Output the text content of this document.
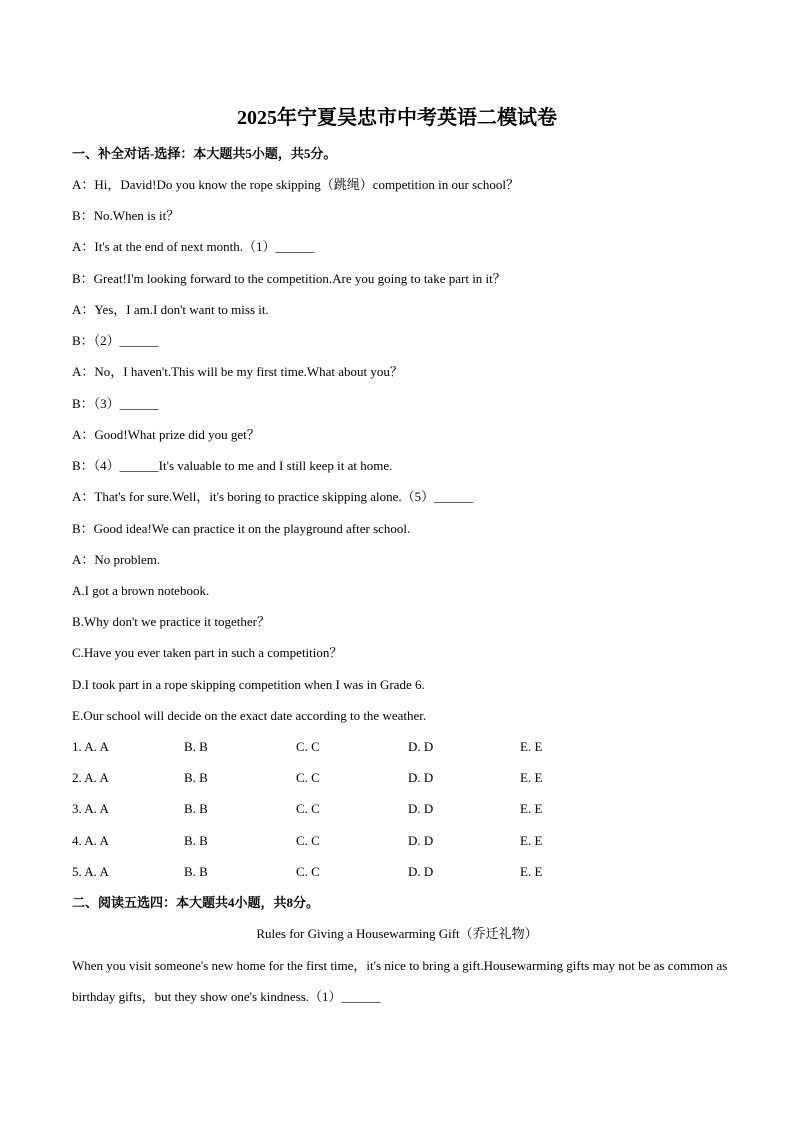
2025年宁夏吴忠市中考英语二模试卷
一、补全对话-选择：本大题共5小题，共5分。
A：Hi，David!Do you know the rope skipping（跳绳）competition in our school？
B：No.When is it？
A：It's at the end of next month.（1）______
B：Great!I'm looking forward to the competition.Are you going to take part in it？
A：Yes，I am.I don't want to miss it.
B：（2）______
A：No，I haven't.This will be my first time.What about you？
B：（3）______
A：Good!What prize did you get？
B：（4）______It's valuable to me and I still keep it at home.
A：That's for sure.Well，it's boring to practice skipping alone.（5）______
B：Good idea!We can practice it on the playground after school.
A：No problem.
A.I got a brown notebook.
B.Why don't we practice it together？
C.Have you ever taken part in such a competition？
D.I took part in a rope skipping competition when I was in Grade 6.
E.Our school will decide on the exact date according to the weather.
1. A. A	B. B	C. C	D. D	E. E
2. A. A	B. B	C. C	D. D	E. E
3. A. A	B. B	C. C	D. D	E. E
4. A. A	B. B	C. C	D. D	E. E
5. A. A	B. B	C. C	D. D	E. E
二、阅读五选四：本大题共4小题，共8分。
Rules for Giving a Housewarming Gift（乔迁礼物）
When you visit someone's new home for the first time，it's nice to bring a gift.Housewarming gifts may not be as common as birthday gifts，but they show one's kindness.（1）______
